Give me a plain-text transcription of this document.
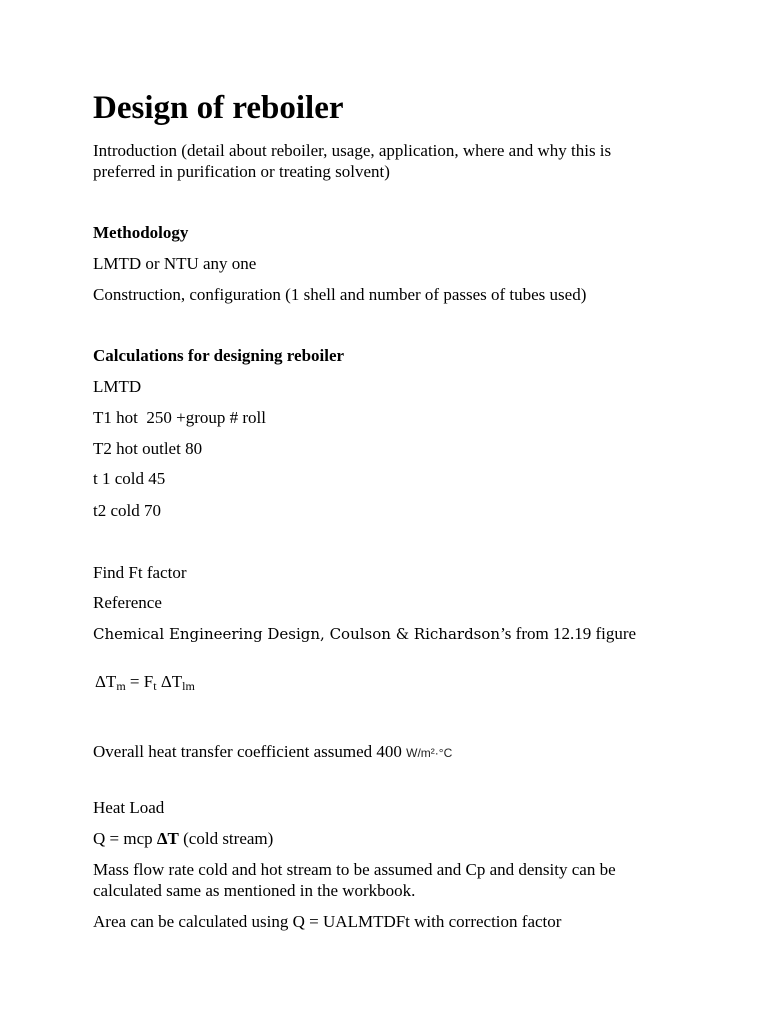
Design of reboiler
Introduction (detail about reboiler, usage, application, where and why this is
preferred in purification or treating solvent)
Methodology
LMTD or NTU any one
Construction, configuration (1 shell and number of passes of tubes used)
Calculations for designing reboiler
LMTD
T1 hot  250 +group # roll
T2 hot outlet 80
t 1 cold 45
t2 cold 70
Find Ft factor
Reference
Chemical Engineering Design, Coulson & Richardson’s from 12.19 figure
$\Delta T_m = F_t$ $\Delta T_{lm}$
Overall heat transfer coefficient assumed 400 W/m²·°C
Heat Load
Q = mcp ΔT (cold stream)
Mass flow rate cold and hot stream to be assumed and Cp and density can be
calculated same as mentioned in the workbook.
Area can be calculated using Q = UALMTDFt with correction factor
